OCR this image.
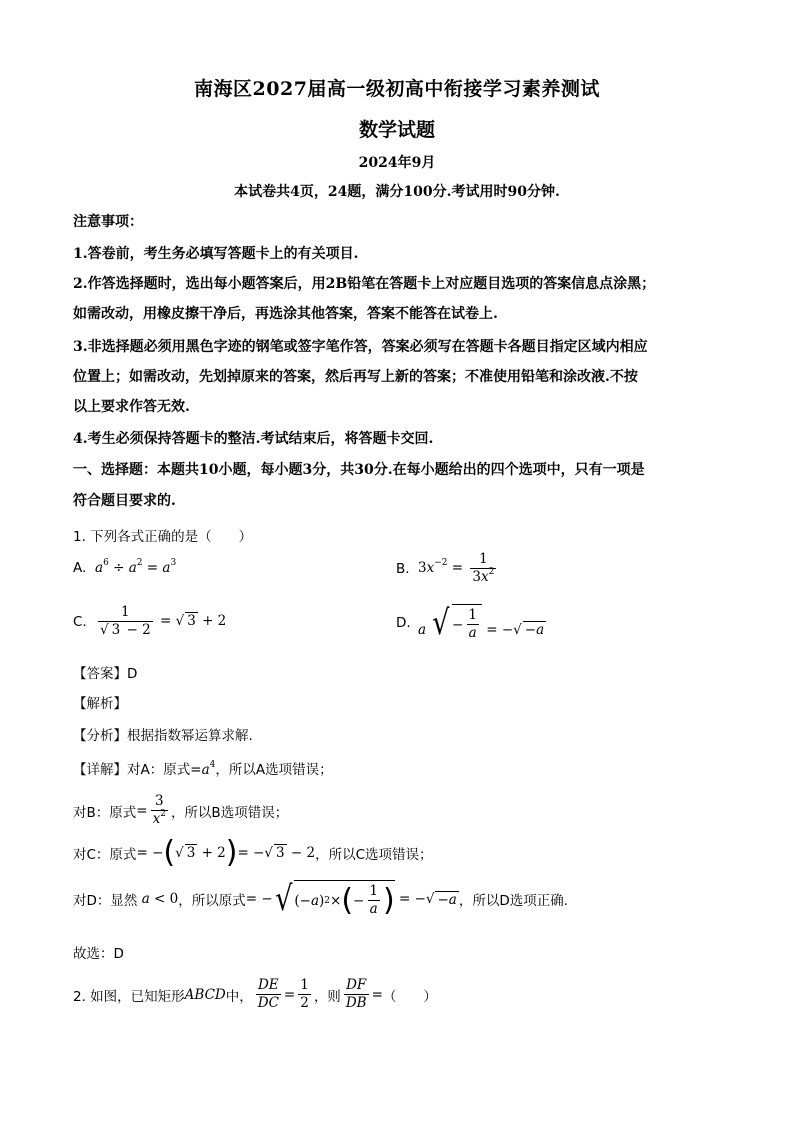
南海区2027届高一级初高中衔接学习素养测试
数学试题
2024年9月
本试卷共4页，24题，满分100分.考试用时90分钟.
注意事项：
1.答卷前，考生务必填写答题卡上的有关项目.
2.作答选择题时，选出每小题答案后，用2B铅笔在答题卡上对应题目选项的答案信息点涂黑；
如需改动，用橡皮擦干净后，再选涂其他答案，答案不能答在试卷上.
3.非选择题必须用黑色字迹的钢笔或签字笔作答，答案必须写在答题卡各题目指定区域内相应
位置上；如需改动，先划掉原来的答案，然后再写上新的答案；不准使用铅笔和涂改液.不按
以上要求作答无效.
4.考生必须保持答题卡的整洁.考试结束后，将答题卡交回.
一、选择题：本题共10小题，每小题3分，共30分.在每小题给出的四个选项中，只有一项是
符合题目要求的.
1. 下列各式正确的是（　　）
A. $a^6 \div a^2 = a^3$	B. $3x^{-2} = \frac{1}{3x^2}$
C. $\frac{1}{√ 3 - 2}$ = √ 3 + 2	D. a √ − $\frac{1}{a}$ = −√ −a
【答案】D
【解析】
【分析】根据指数幂运算求解.
【详解】对A：原式$=a^4$，所以A选项错误；
对B：原式 = $\frac{3}{x^2}$ ，所以B选项错误；
对C：原式 = − ( √ 3 + 2 ) = −√ 3 − 2 ，所以C选项错误；
对D：显然 a < 0 ，所以原式 = − √ (− a ) 2 × ( − $\frac{1}{a}$ ) = −√ −a ，所以D选项正确.
故选：D
2. 如图，已知矩形 ABCD 中， $\frac{DE}{DC} = \frac{1}{2}$ ，则 $\frac{DF}{DB}$ = （　　）
